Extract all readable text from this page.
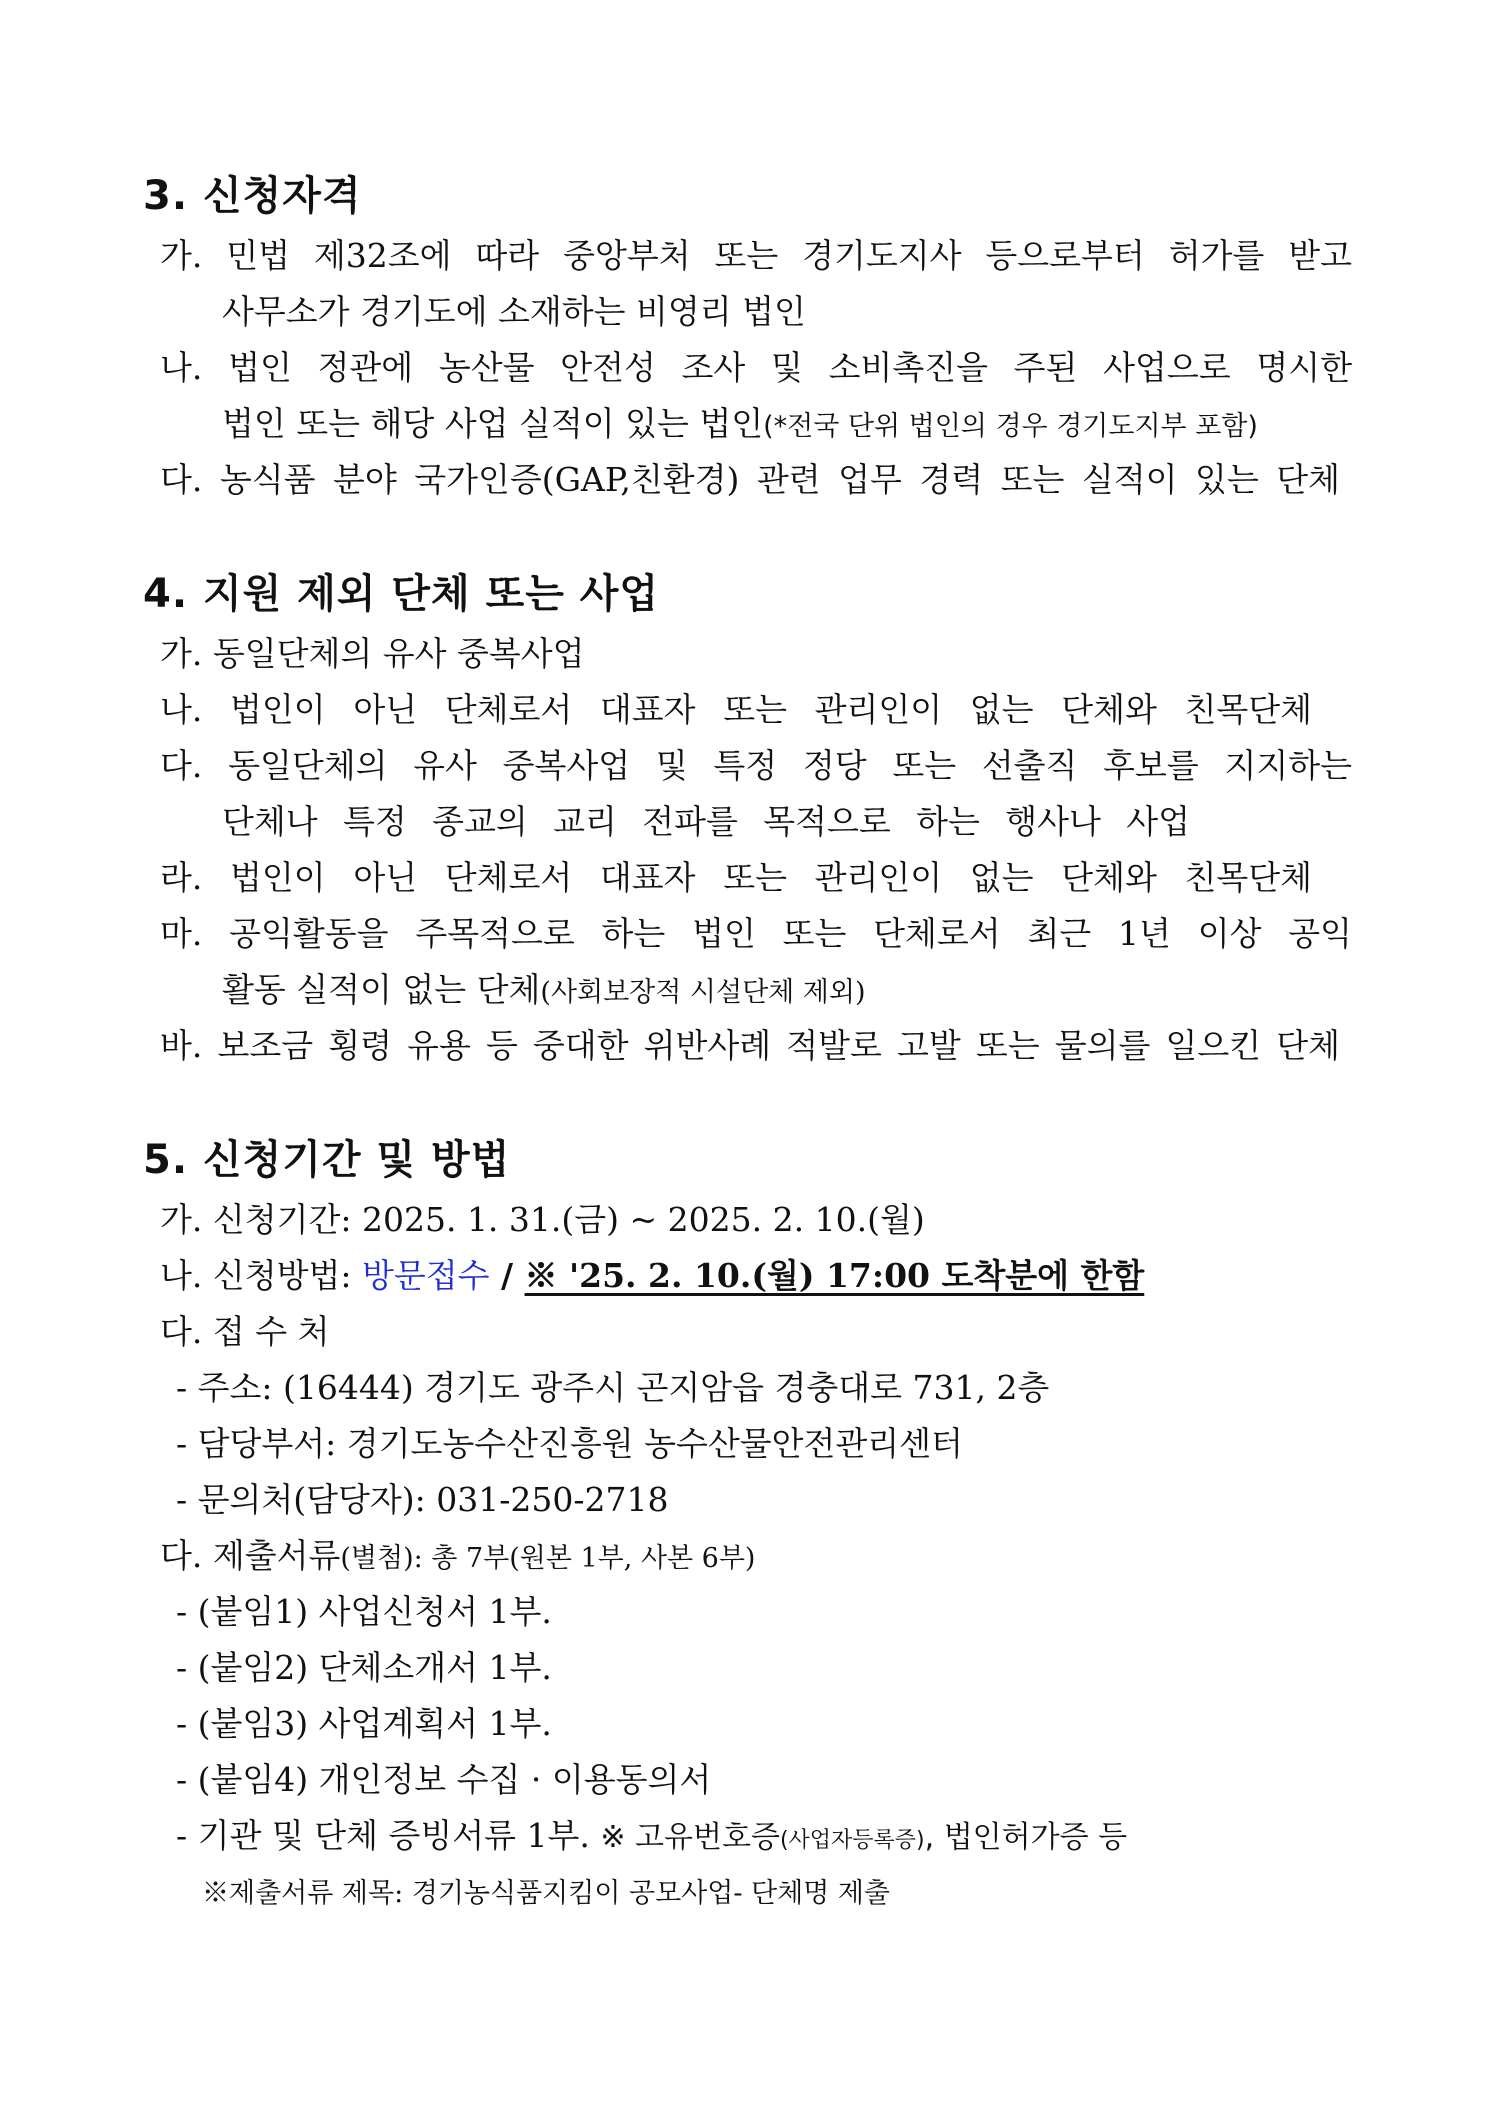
3. 신청자격
가. 민법 제32조에 따라 중앙부처 또는 경기도지사 등으로부터 허가를 받고
사무소가 경기도에 소재하는 비영리 법인
나. 법인 정관에 농산물 안전성 조사 및 소비촉진을 주된 사업으로 명시한
법인 또는 해당 사업 실적이 있는 법인(*전국 단위 법인의 경우 경기도지부 포함)
다. 농식품 분야 국가인증(GAP,친환경) 관련 업무 경력 또는 실적이 있는 단체
4. 지원 제외 단체 또는 사업
가. 동일단체의 유사 중복사업
나. 법인이 아닌 단체로서 대표자 또는 관리인이 없는 단체와 친목단체
다. 동일단체의 유사 중복사업 및 특정 정당 또는 선출직 후보를 지지하는
단체나 특정 종교의 교리 전파를 목적으로 하는 행사나 사업
라. 법인이 아닌 단체로서 대표자 또는 관리인이 없는 단체와 친목단체
마. 공익활동을 주목적으로 하는 법인 또는 단체로서 최근 1년 이상 공익
활동 실적이 없는 단체(사회보장적 시설단체 제외)
바. 보조금 횡령 유용 등 중대한 위반사례 적발로 고발 또는 물의를 일으킨 단체
5. 신청기간 및 방법
가. 신청기간: 2025. 1. 31.(금) ~ 2025. 2. 10.(월)
나. 신청방법: 방문접수 / ※ '25. 2. 10.(월) 17:00 도착분에 한함
다. 접 수 처
- 주소: (16444) 경기도 광주시 곤지암읍 경충대로 731, 2층
- 담당부서: 경기도농수산진흥원 농수산물안전관리센터
- 문의처(담당자): 031-250-2718
다. 제출서류(별첨): 총 7부(원본 1부, 사본 6부)
- (붙임1) 사업신청서 1부.
- (붙임2) 단체소개서 1부.
- (붙임3) 사업계획서 1부.
- (붙임4) 개인정보 수집 · 이용동의서
- 기관 및 단체 증빙서류 1부. ※ 고유번호증(사업자등록증), 법인허가증 등
※제출서류 제목: 경기농식품지킴이 공모사업- 단체명 제출
